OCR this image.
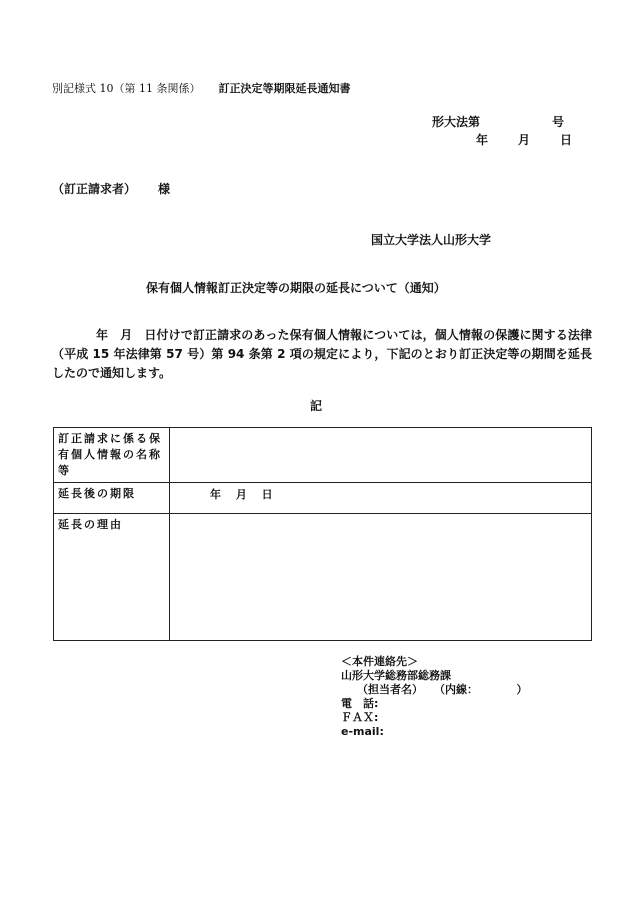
別記様式 10（第 11 条関係） 訂正決定等期限延長通知書
形大法第	号
年	月	日
（訂正請求者） 様
国立大学法人山形大学
保有個人情報訂正決定等の期限の延長について（通知）
年　月　日付けで訂正請求のあった保有個人情報については，個人情報の保護に関する法律（平成 15 年法律第 57 号）第 94 条第 2 項の規定により，下記のとおり訂正決定等の期間を延長したので通知します。
記
訂正請求に係る保有個人情報の名称等	
延長後の期限	年　 月　 日
延長の理由	
＜本件連絡先＞
山形大学総務部総務課
（担当者名）　　（内線：　　　　）
電　話:
ＦＡＸ:
e-mail:
